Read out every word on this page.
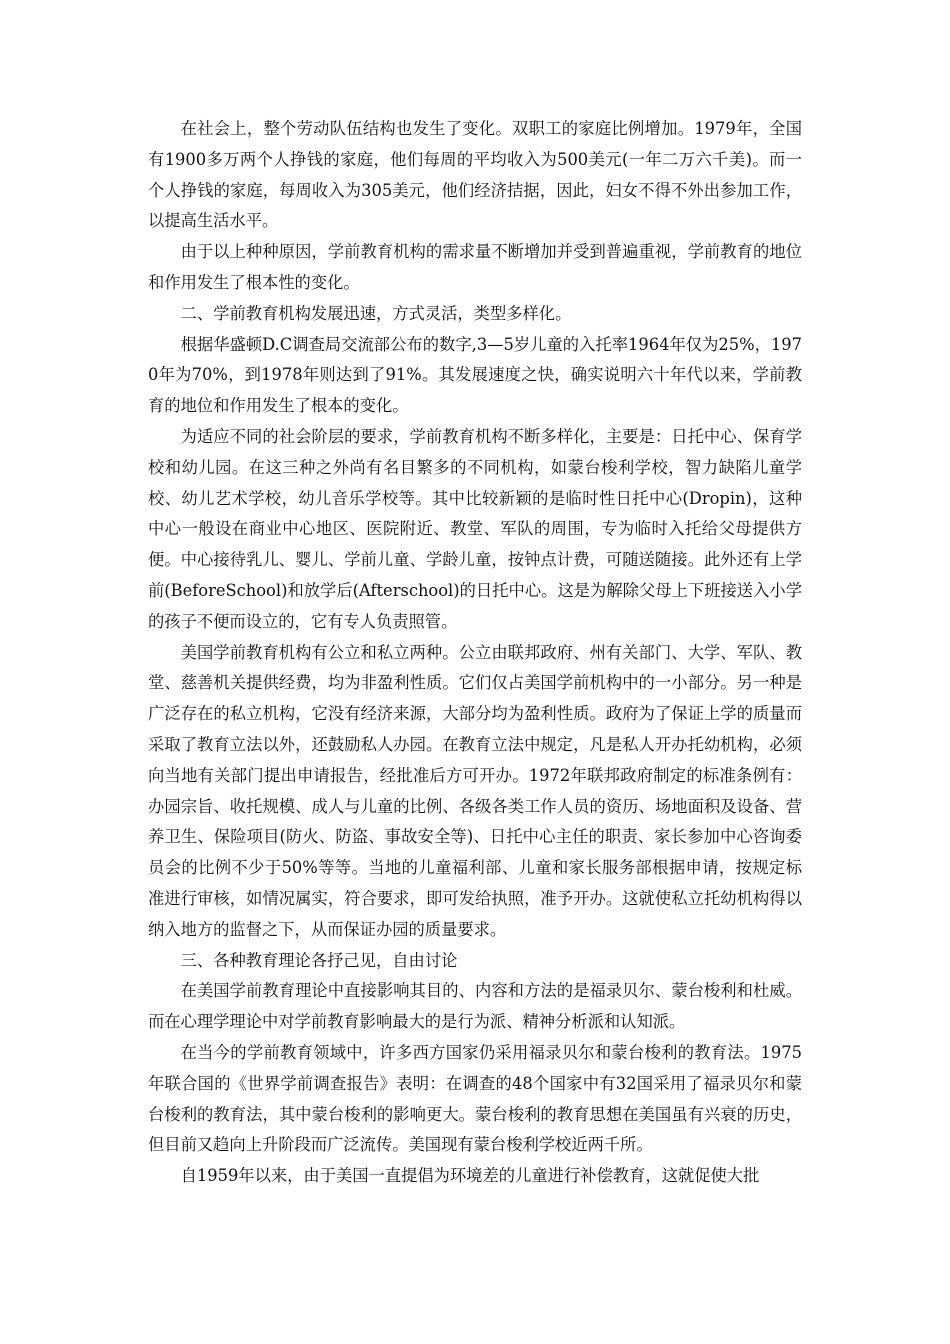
在社会上，整个劳动队伍结构也发生了变化。双职工的家庭比例增加。1979年，全国有1900多万两个人挣钱的家庭，他们每周的平均收入为500美元(一年二万六千美)。而一个人挣钱的家庭，每周收入为305美元，他们经济拮据，因此，妇女不得不外出参加工作，以提高生活水平。

由于以上种种原因，学前教育机构的需求量不断增加并受到普遍重视，学前教育的地位和作用发生了根本性的变化。

二、学前教育机构发展迅速，方式灵活，类型多样化。

根据华盛顿D.C调查局交流部公布的数字,3—5岁儿童的入托率1964年仅为25%，1970年为70%，到1978年则达到了91%。其发展速度之快，确实说明六十年代以来，学前教育的地位和作用发生了根本的变化。

为适应不同的社会阶层的要求，学前教育机构不断多样化，主要是：日托中心、保育学校和幼儿园。在这三种之外尚有名目繁多的不同机构，如蒙台梭利学校，智力缺陷儿童学校、幼儿艺术学校，幼儿音乐学校等。其中比较新颖的是临时性日托中心(Dropin)，这种中心一般设在商业中心地区、医院附近、教堂、军队的周围，专为临时入托给父母提供方便。中心接待乳儿、婴儿、学前儿童、学龄儿童，按钟点计费，可随送随接。此外还有上学前(BeforeSchool)和放学后(Afterschool)的日托中心。这是为解除父母上下班接送入小学的孩子不便而设立的，它有专人负责照管。

美国学前教育机构有公立和私立两种。公立由联邦政府、州有关部门、大学、军队、教堂、慈善机关提供经费，均为非盈利性质。它们仅占美国学前机构中的一小部分。另一种是广泛存在的私立机构，它没有经济来源，大部分均为盈利性质。政府为了保证上学的质量而采取了教育立法以外，还鼓励私人办园。在教育立法中规定，凡是私人开办托幼机构，必须向当地有关部门提出申请报告，经批准后方可开办。1972年联邦政府制定的标准条例有：办园宗旨、收托规模、成人与儿童的比例、各级各类工作人员的资历、场地面积及设备、营养卫生、保险项目(防火、防盗、事故安全等)、日托中心主任的职责、家长参加中心咨询委员会的比例不少于50%等等。当地的儿童福利部、儿童和家长服务部根据申请，按规定标准进行审核，如情况属实，符合要求，即可发给执照，准予开办。这就使私立托幼机构得以纳入地方的监督之下，从而保证办园的质量要求。

三、各种教育理论各抒己见，自由讨论

在美国学前教育理论中直接影响其目的、内容和方法的是福录贝尔、蒙台梭利和杜威。而在心理学理论中对学前教育影响最大的是行为派、精神分析派和认知派。

在当今的学前教育领域中，许多西方国家仍采用福录贝尔和蒙台梭利的教育法。1975年联合国的《世界学前调查报告》表明：在调查的48个国家中有32国采用了福录贝尔和蒙台梭利的教育法，其中蒙台梭利的影响更大。蒙台梭利的教育思想在美国虽有兴衰的历史，但目前又趋向上升阶段而广泛流传。美国现有蒙台梭利学校近两千所。

自1959年以来，由于美国一直提倡为环境差的儿童进行补偿教育，这就促使大批
